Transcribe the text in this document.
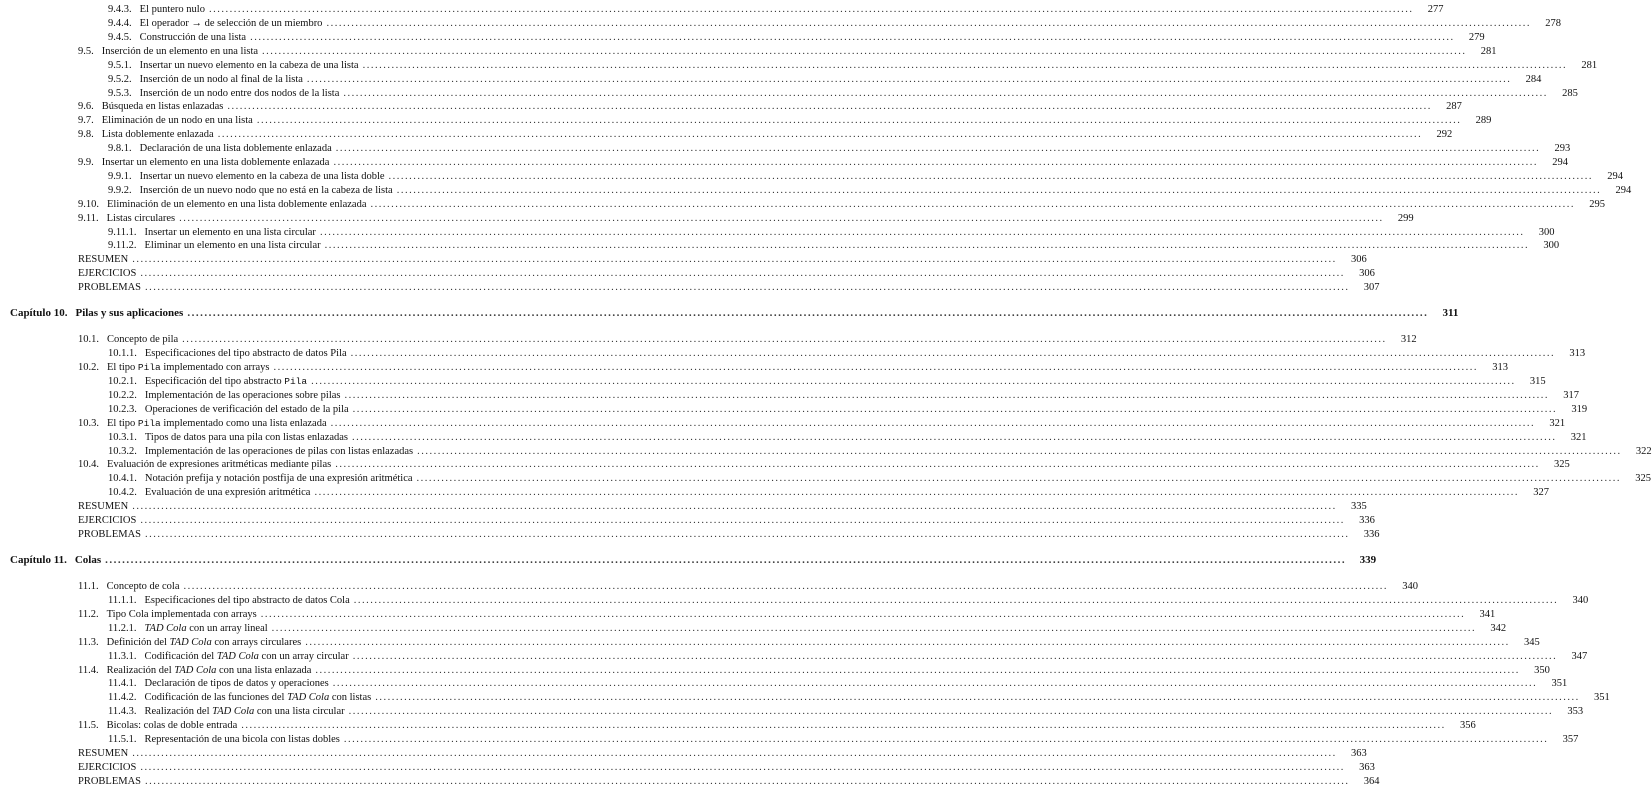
9.4.3. El puntero nulo .....	277
9.4.4. El operador → de selección de un miembro .....	278
9.4.5. Construcción de una lista .....	279
9.5. Inserción de un elemento en una lista .....	281
9.5.1. Insertar un nuevo elemento en la cabeza de una lista .....	281
9.5.2. Inserción de un nodo al final de la lista .....	284
9.5.3. Inserción de un nodo entre dos nodos de la lista .....	285
9.6. Búsqueda en listas enlazadas .....	287
9.7. Eliminación de un nodo en una lista .....	289
9.8. Lista doblemente enlazada .....	292
9.8.1. Declaración de una lista doblemente enlazada .....	293
9.9. Insertar un elemento en una lista doblemente enlazada .....	294
9.9.1. Insertar un nuevo elemento en la cabeza de una lista doble .....	294
9.9.2. Inserción de un nuevo nodo que no está en la cabeza de lista .....	294
9.10. Eliminación de un elemento en una lista doblemente enlazada .....	295
9.11. Listas circulares .....	299
9.11.1. Insertar un elemento en una lista circular .....	300
9.11.2. Eliminar un elemento en una lista circular .....	300
RESUMEN .....	306
EJERCICIOS .....	306
PROBLEMAS .....	307
Capítulo 10. Pilas y sus aplicaciones .....	311
10.1. Concepto de pila .....	312
10.1.1. Especificaciones del tipo abstracto de datos Pila .....	313
10.2. El tipo Pila implementado con arrays .....	313
10.2.1. Especificación del tipo abstracto Pila .....	315
10.2.2. Implementación de las operaciones sobre pilas .....	317
10.2.3. Operaciones de verificación del estado de la pila .....	319
10.3. El tipo Pila implementado como una lista enlazada .....	321
10.3.1. Tipos de datos para una pila con listas enlazadas .....	321
10.3.2. Implementación de las operaciones de pilas con listas enlazadas .....	322
10.4. Evaluación de expresiones aritméticas mediante pilas .....	325
10.4.1. Notación prefija y notación postfija de una expresión aritmética .....	325
10.4.2. Evaluación de una expresión aritmética .....	327
RESUMEN .....	335
EJERCICIOS .....	336
PROBLEMAS .....	336
Capítulo 11. Colas .....	339
11.1. Concepto de cola .....	340
11.1.1. Especificaciones del tipo abstracto de datos Cola .....	340
11.2. Tipo Cola implementada con arrays .....	341
11.2.1. TAD Cola con un array lineal .....	342
11.3. Definición del TAD Cola con arrays circulares .....	345
11.3.1. Codificación del TAD Cola con un array circular .....	347
11.4. Realización del TAD Cola con una lista enlazada .....	350
11.4.1. Declaración de tipos de datos y operaciones .....	351
11.4.2. Codificación de las funciones del TAD Cola con listas .....	351
11.4.3. Realización del TAD Cola con una lista circular .....	353
11.5. Bicolas: colas de doble entrada .....	356
11.5.1. Representación de una bicola con listas dobles .....	357
RESUMEN .....	363
EJERCICIOS .....	363
PROBLEMAS .....	364
